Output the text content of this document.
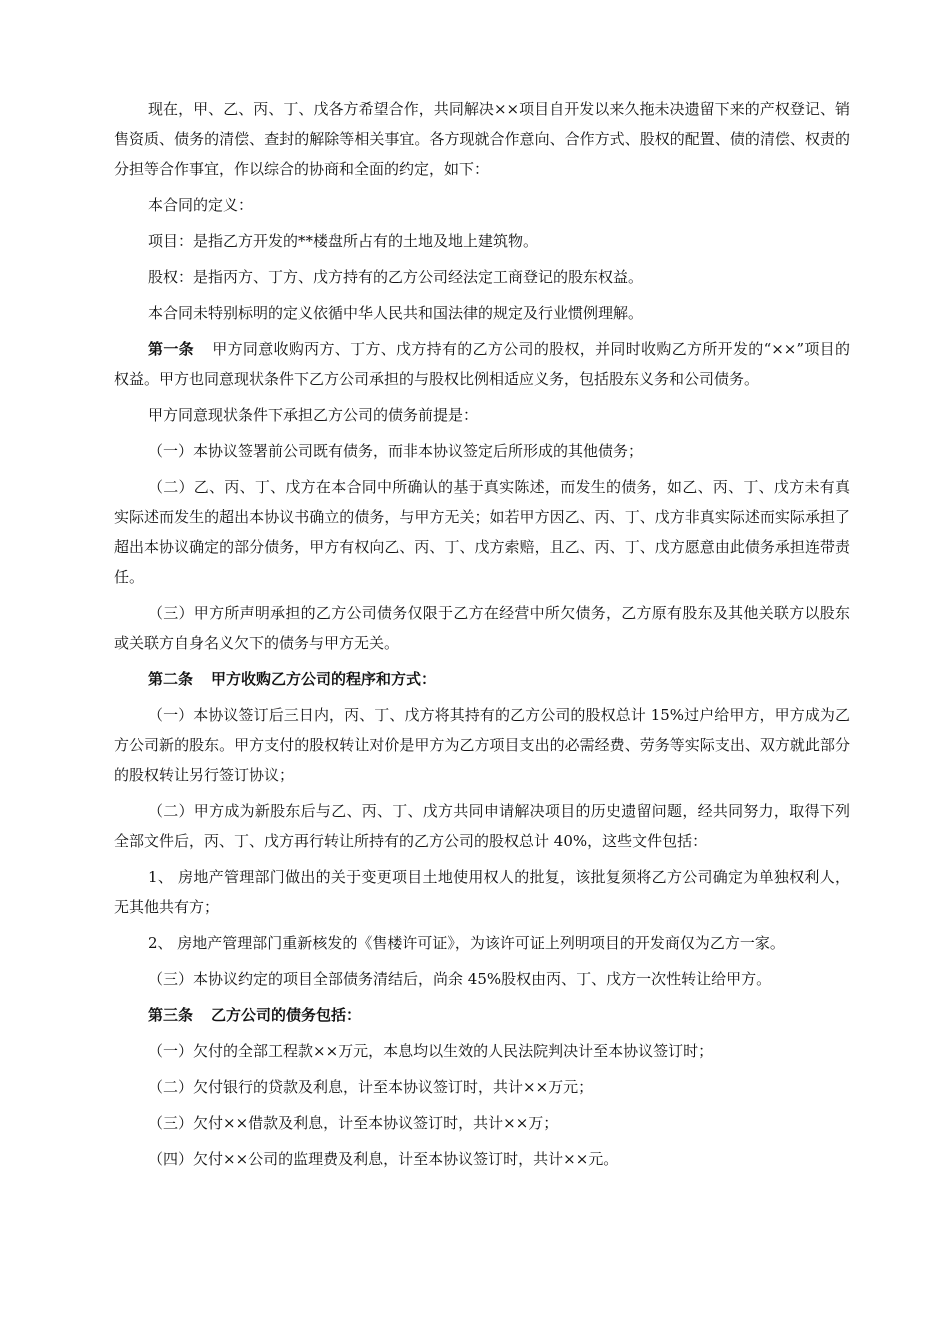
现在，甲、乙、丙、丁、戊各方希望合作，共同解决××项目自开发以来久拖未决遗留下来的产权登记、销售资质、债务的清偿、查封的解除等相关事宜。各方现就合作意向、合作方式、股权的配置、债的清偿、权责的分担等合作事宜，作以综合的协商和全面的约定，如下：

本合同的定义：

项目：是指乙方开发的**楼盘所占有的土地及地上建筑物。

股权：是指丙方、丁方、戊方持有的乙方公司经法定工商登记的股东权益。

本合同未特别标明的定义依循中华人民共和国法律的规定及行业惯例理解。

第一条 甲方同意收购丙方、丁方、戊方持有的乙方公司的股权，并同时收购乙方所开发的“××”项目的权益。甲方也同意现状条件下乙方公司承担的与股权比例相适应义务，包括股东义务和公司债务。

甲方同意现状条件下承担乙方公司的债务前提是：

（一）本协议签署前公司既有债务，而非本协议签定后所形成的其他债务；

（二）乙、丙、丁、戊方在本合同中所确认的基于真实陈述，而发生的债务，如乙、丙、丁、戊方未有真实际述而发生的超出本协议书确立的债务，与甲方无关；如若甲方因乙、丙、丁、戊方非真实际述而实际承担了超出本协议确定的部分债务，甲方有权向乙、丙、丁、戊方索赔，且乙、丙、丁、戊方愿意由此债务承担连带责任。

（三）甲方所声明承担的乙方公司债务仅限于乙方在经营中所欠债务，乙方原有股东及其他关联方以股东或关联方自身名义欠下的债务与甲方无关。

第二条 甲方收购乙方公司的程序和方式：

（一）本协议签订后三日内，丙、丁、戊方将其持有的乙方公司的股权总计 15%过户给甲方，甲方成为乙方公司新的股东。甲方支付的股权转让对价是甲方为乙方项目支出的必需经费、劳务等实际支出、双方就此部分的股权转让另行签订协议；

（二）甲方成为新股东后与乙、丙、丁、戊方共同申请解决项目的历史遗留问题，经共同努力，取得下列全部文件后，丙、丁、戊方再行转让所持有的乙方公司的股权总计 40%，这些文件包括：

1、 房地产管理部门做出的关于变更项目土地使用权人的批复，该批复须将乙方公司确定为单独权利人，无其他共有方；

2、 房地产管理部门重新核发的《售楼许可证》，为该许可证上列明项目的开发商仅为乙方一家。

（三）本协议约定的项目全部债务清结后，尚余 45%股权由丙、丁、戊方一次性转让给甲方。

第三条 乙方公司的债务包括：

（一）欠付的全部工程款××万元，本息均以生效的人民法院判决计至本协议签订时；

（二）欠付银行的贷款及利息，计至本协议签订时，共计××万元；

（三）欠付××借款及利息，计至本协议签订时，共计××万；

（四）欠付××公司的监理费及利息，计至本协议签订时，共计××元。
